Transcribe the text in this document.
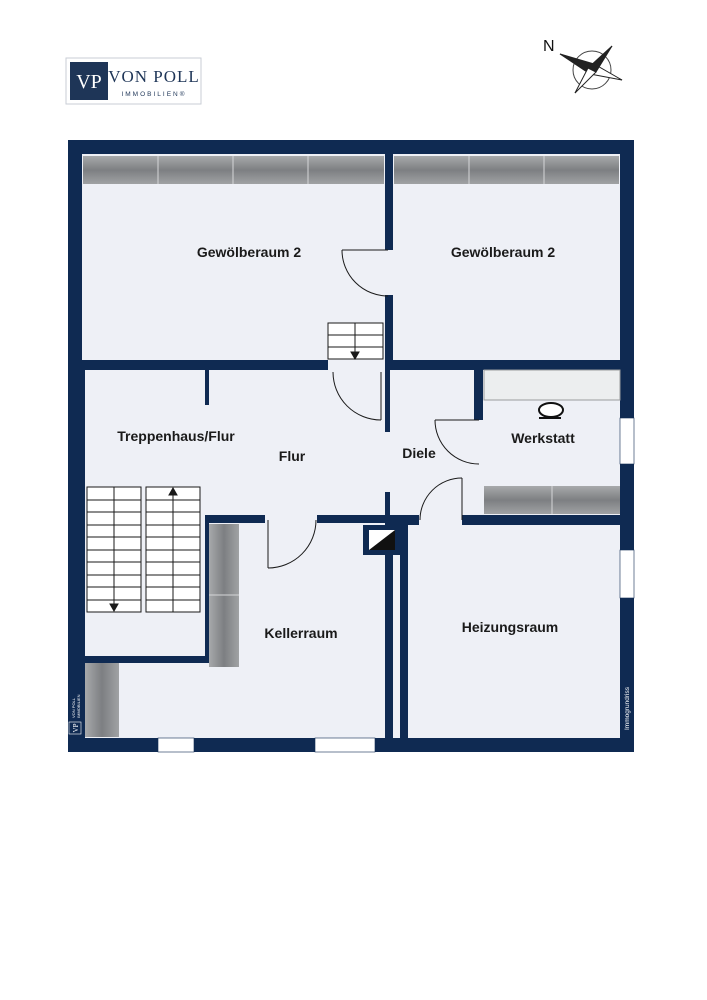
VP VON POLL
IMMOBILIEN®
N
Gewölberaum 2	Gewölberaum 2
Treppenhaus/Flur
Flur	Diele
Werkstatt
Kellerraum	Heizungsraum
VP
VON POLL IMMOBILIEN	Immogrundriss
